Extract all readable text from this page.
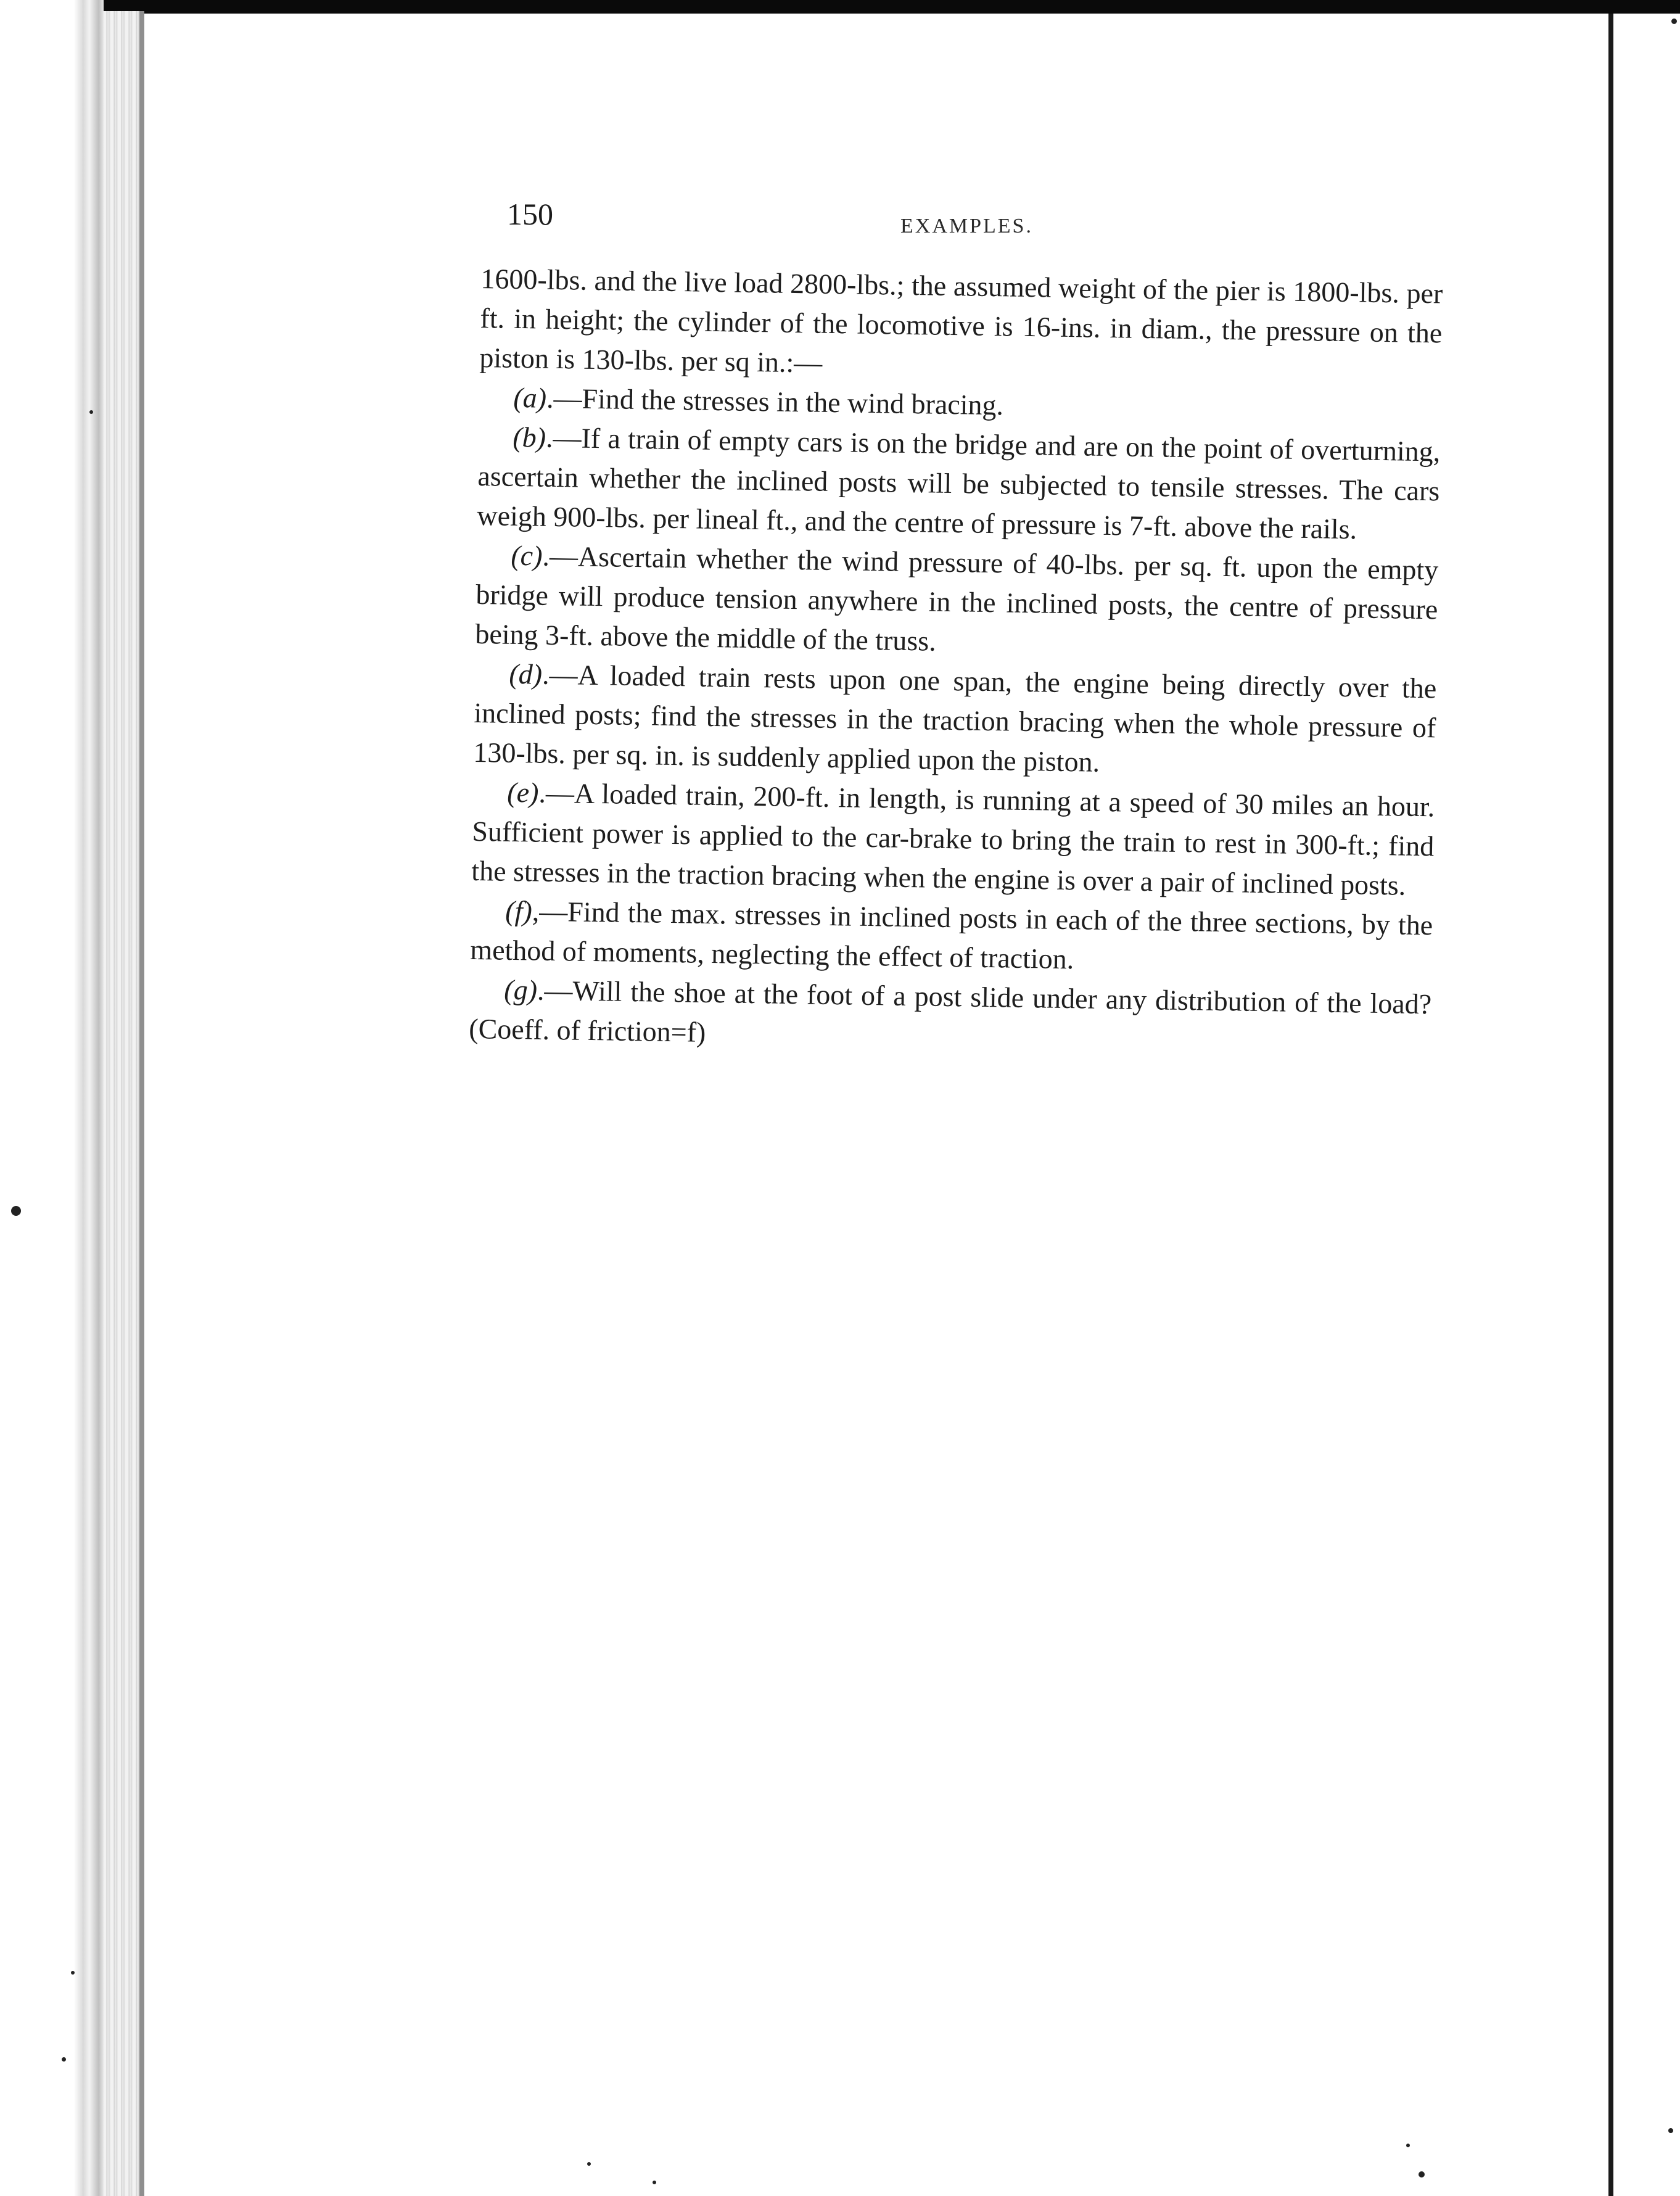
150	EXAMPLES.

1600-lbs. and the live load 2800-lbs.; the assumed weight of the pier is 1800-lbs. per ft. in height; the cylinder of the locomotive is 16-ins. in diam., the pressure on the piston is 130-lbs. per sq in.:—

(a).—Find the stresses in the wind bracing.

(b).—If a train of empty cars is on the bridge and are on the point of overturning, ascertain whether the inclined posts will be subjected to tensile stresses. The cars weigh 900-lbs. per lineal ft., and the centre of pressure is 7-ft. above the rails.

(c).—Ascertain whether the wind pressure of 40-lbs. per sq. ft. upon the empty bridge will produce tension anywhere in the inclined posts, the centre of pressure being 3-ft. above the middle of the truss.

(d).—A loaded train rests upon one span, the engine being directly over the inclined posts; find the stresses in the traction bracing when the whole pressure of 130-lbs. per sq. in. is suddenly applied upon the piston.

(e).—A loaded train, 200-ft. in length, is running at a speed of 30 miles an hour. Sufficient power is applied to the car-brake to bring the train to rest in 300-ft.; find the stresses in the traction bracing when the engine is over a pair of inclined posts.

(f),—Find the max. stresses in inclined posts in each of the three sections, by the method of moments, neglecting the effect of traction.

(g).—Will the shoe at the foot of a post slide under any distribution of the load? (Coeff. of friction=f)
